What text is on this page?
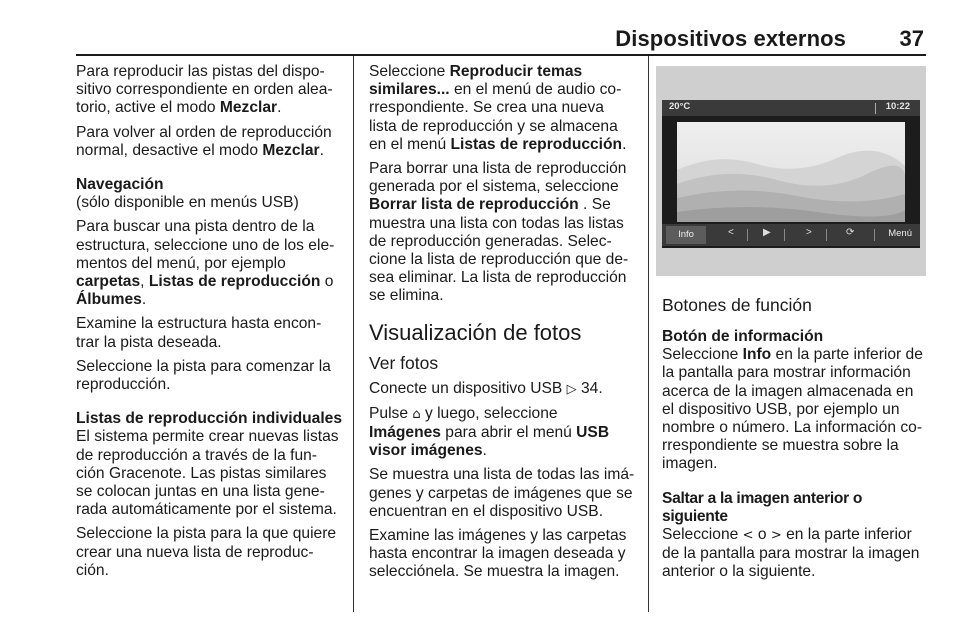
Dispositivos externos 37

Para reproducir las pistas del dispo-
sitivo correspondiente en orden alea-
torio, active el modo Mezclar.

Para volver al orden de reproducción
normal, desactive el modo Mezclar.

Navegación

(sólo disponible en menús USB)

Para buscar una pista dentro de la
estructura, seleccione uno de los ele-
mentos del menú, por ejemplo
carpetas, Listas de reproducción o
Álbumes.

Examine la estructura hasta encon-
trar la pista deseada.

Seleccione la pista para comenzar la
reproducción.

Listas de reproducción individuales

El sistema permite crear nuevas listas
de reproducción a través de la fun-
ción Gracenote. Las pistas similares
se colocan juntas en una lista gene-
rada automáticamente por el sistema.

Seleccione la pista para la que quiere
crear una nueva lista de reproduc-
ción.

Seleccione Reproducir temas
similares... en el menú de audio co-
rrespondiente. Se crea una nueva
lista de reproducción y se almacena
en el menú Listas de reproducción.

Para borrar una lista de reproducción
generada por el sistema, seleccione
Borrar lista de reproducción . Se
muestra una lista con todas las listas
de reproducción generadas. Selec-
cione la lista de reproducción que de-
sea eliminar. La lista de reproducción
se elimina.

Visualización de fotos
Ver fotos

Conecte un dispositivo USB ▷ 34.

Pulse ⌂ y luego, seleccione
Imágenes para abrir el menú USB
visor imágenes.

Se muestra una lista de todas las imá-
genes y carpetas de imágenes que se
encuentran en el dispositivo USB.

Examine las imágenes y las carpetas
hasta encontrar la imagen deseada y
selecciónela. Se muestra la imagen.

20°C	10:22
Info	<	▶	>	⟳	Menú
Botones de función

Botón de información

Seleccione Info en la parte inferior de
la pantalla para mostrar información
acerca de la imagen almacenada en
el dispositivo USB, por ejemplo un
nombre o número. La información co-
rrespondiente se muestra sobre la
imagen.

Saltar a la imagen anterior o siguiente

Seleccione < o > en la parte inferior
de la pantalla para mostrar la imagen
anterior o la siguiente.
